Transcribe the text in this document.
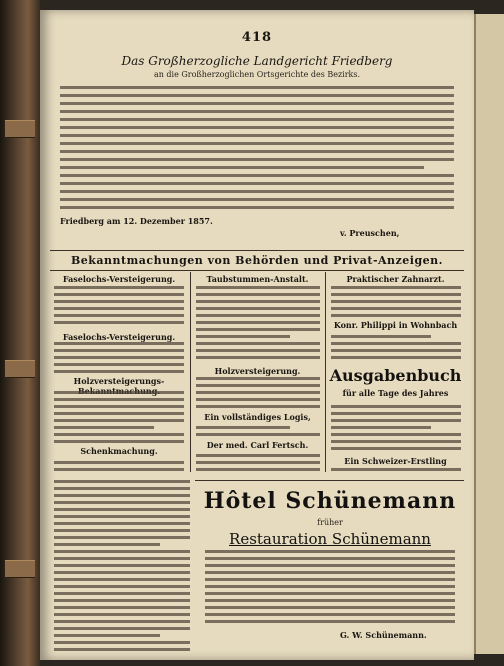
418
Das Großherzogliche Landgericht Friedberg
an die Großherzoglichen Ortsgerichte des Bezirks.
Friedberg am 12. Dezember 1857.
v. Preuschen,
Bekanntmachungen von Behörden und Privat-Anzeigen.
Faselochs-Versteigerung.	Taubstummen-Anstalt.	Praktischer Zahnarzt.
Faselochs-Versteigerung.
Holzversteigerungs-
Schenkmachung.
Holzversteigerung.
Ein vollständiges Logis,
Der med. Carl Fertsch.
Konr. Philippi in Wohnbach
Ausgabenbuch
für alle Tage des Jahres
Ein Schweizer-Erstling
Hôtel Schünemann
früher
Restauration Schünemann
G. W. Schünemann.
